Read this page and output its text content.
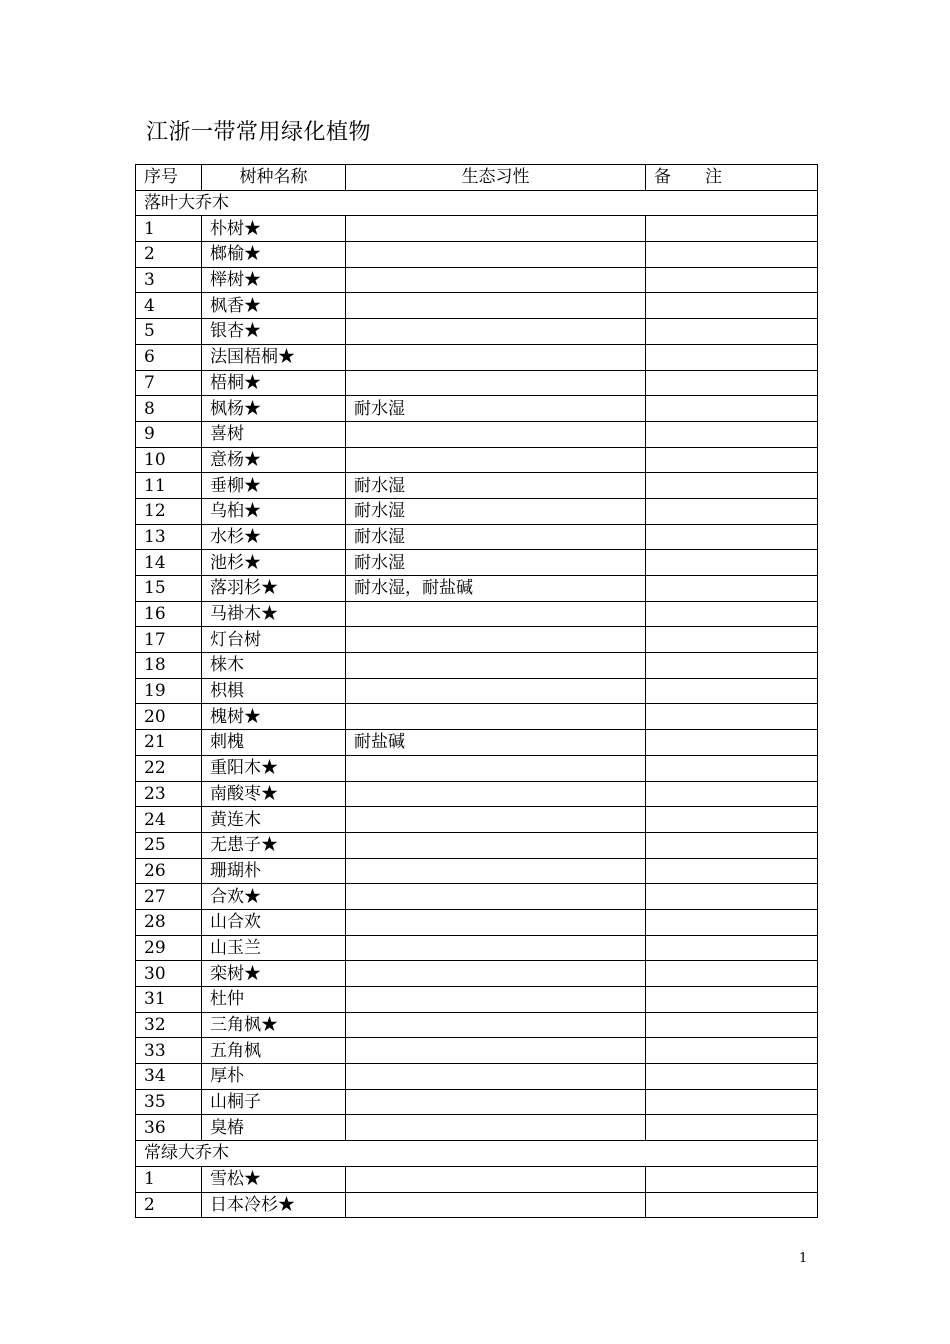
江浙一带常用绿化植物
序号	树种名称	生态习性	备　　注
落叶大乔木			
1	朴树★		
2	榔榆★		
3	榉树★		
4	枫香★		
5	银杏★		
6	法国梧桐★		
7	梧桐★		
8	枫杨★	耐水湿	
9	喜树		
10	意杨★		
11	垂柳★	耐水湿	
12	乌桕★	耐水湿	
13	水杉★	耐水湿	
14	池杉★	耐水湿	
15	落羽杉★	耐水湿，耐盐碱	
16	马褂木★		
17	灯台树		
18	梾木		
19	枳椇		
20	槐树★		
21	刺槐	耐盐碱	
22	重阳木★		
23	南酸枣★		
24	黄连木		
25	无患子★		
26	珊瑚朴		
27	合欢★		
28	山合欢		
29	山玉兰		
30	栾树★		
31	杜仲		
32	三角枫★		
33	五角枫		
34	厚朴		
35	山桐子		
36	臭椿		
常绿大乔木			
1	雪松★		
2	日本冷杉★		
1
